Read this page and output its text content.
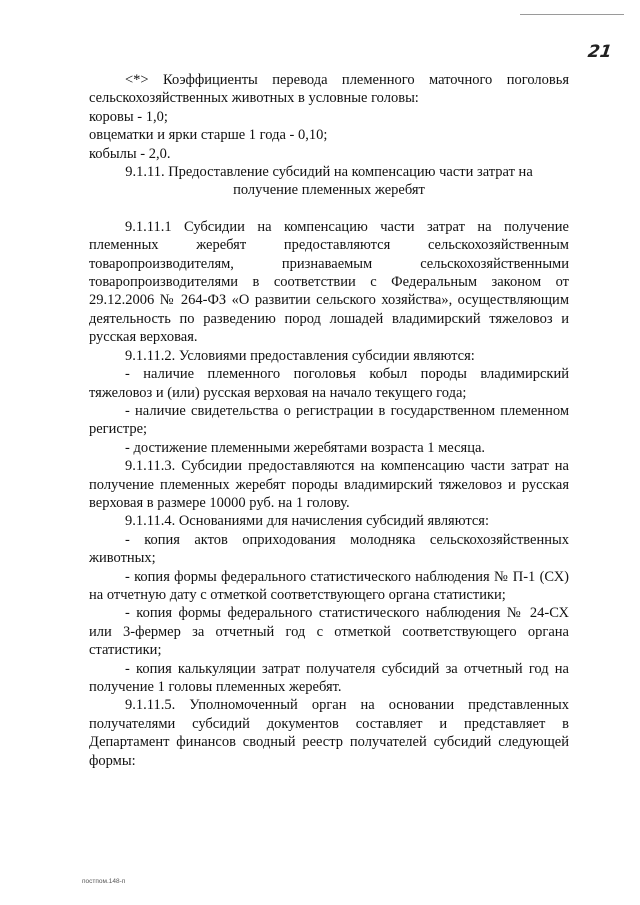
21

<*> Коэффициенты перевода племенного маточного поголовья сельскохозяйственных животных в условные головы:

коровы - 1,0;

овцематки и ярки старше 1 года - 0,10;

кобылы - 2,0.

9.1.11. Предоставление субсидий на компенсацию части затрат на получение племенных жеребят

9.1.11.1 Субсидии на компенсацию части затрат на получение племенных жеребят предоставляются сельскохозяйственным товаропроизводителям, признаваемым сельскохозяйственными товаропроизводителями в соответствии с Федеральным законом от 29.12.2006 № 264-ФЗ «О развитии сельского хозяйства», осуществляющим деятельность по разведению пород лошадей владимирский тяжеловоз и русская верховая.

9.1.11.2. Условиями предоставления субсидии являются:

- наличие племенного поголовья кобыл породы владимирский тяжеловоз и (или) русская верховая на начало текущего года;

- наличие свидетельства о регистрации в государственном племенном регистре;

- достижение племенными жеребятами возраста 1 месяца.

9.1.11.3. Субсидии предоставляются на компенсацию части затрат на получение племенных жеребят породы владимирский тяжеловоз и русская верховая в размере 10000 руб. на 1 голову.

9.1.11.4. Основаниями для начисления субсидий являются:

- копия актов оприходования молодняка сельскохозяйственных животных;

- копия формы федерального статистического наблюдения № П-1 (СХ) на отчетную дату с отметкой соответствующего органа статистики;

- копия формы федерального статистического наблюдения № 24-СХ или 3-фермер за отчетный год с отметкой соответствующего органа статистики;

- копия калькуляции затрат получателя субсидий за отчетный год на получение 1 головы племенных жеребят.

9.1.11.5. Уполномоченный орган на основании представленных получателями субсидий документов составляет и представляет в Департамент финансов сводный реестр получателей субсидий следующей формы:

постпом.148-п
